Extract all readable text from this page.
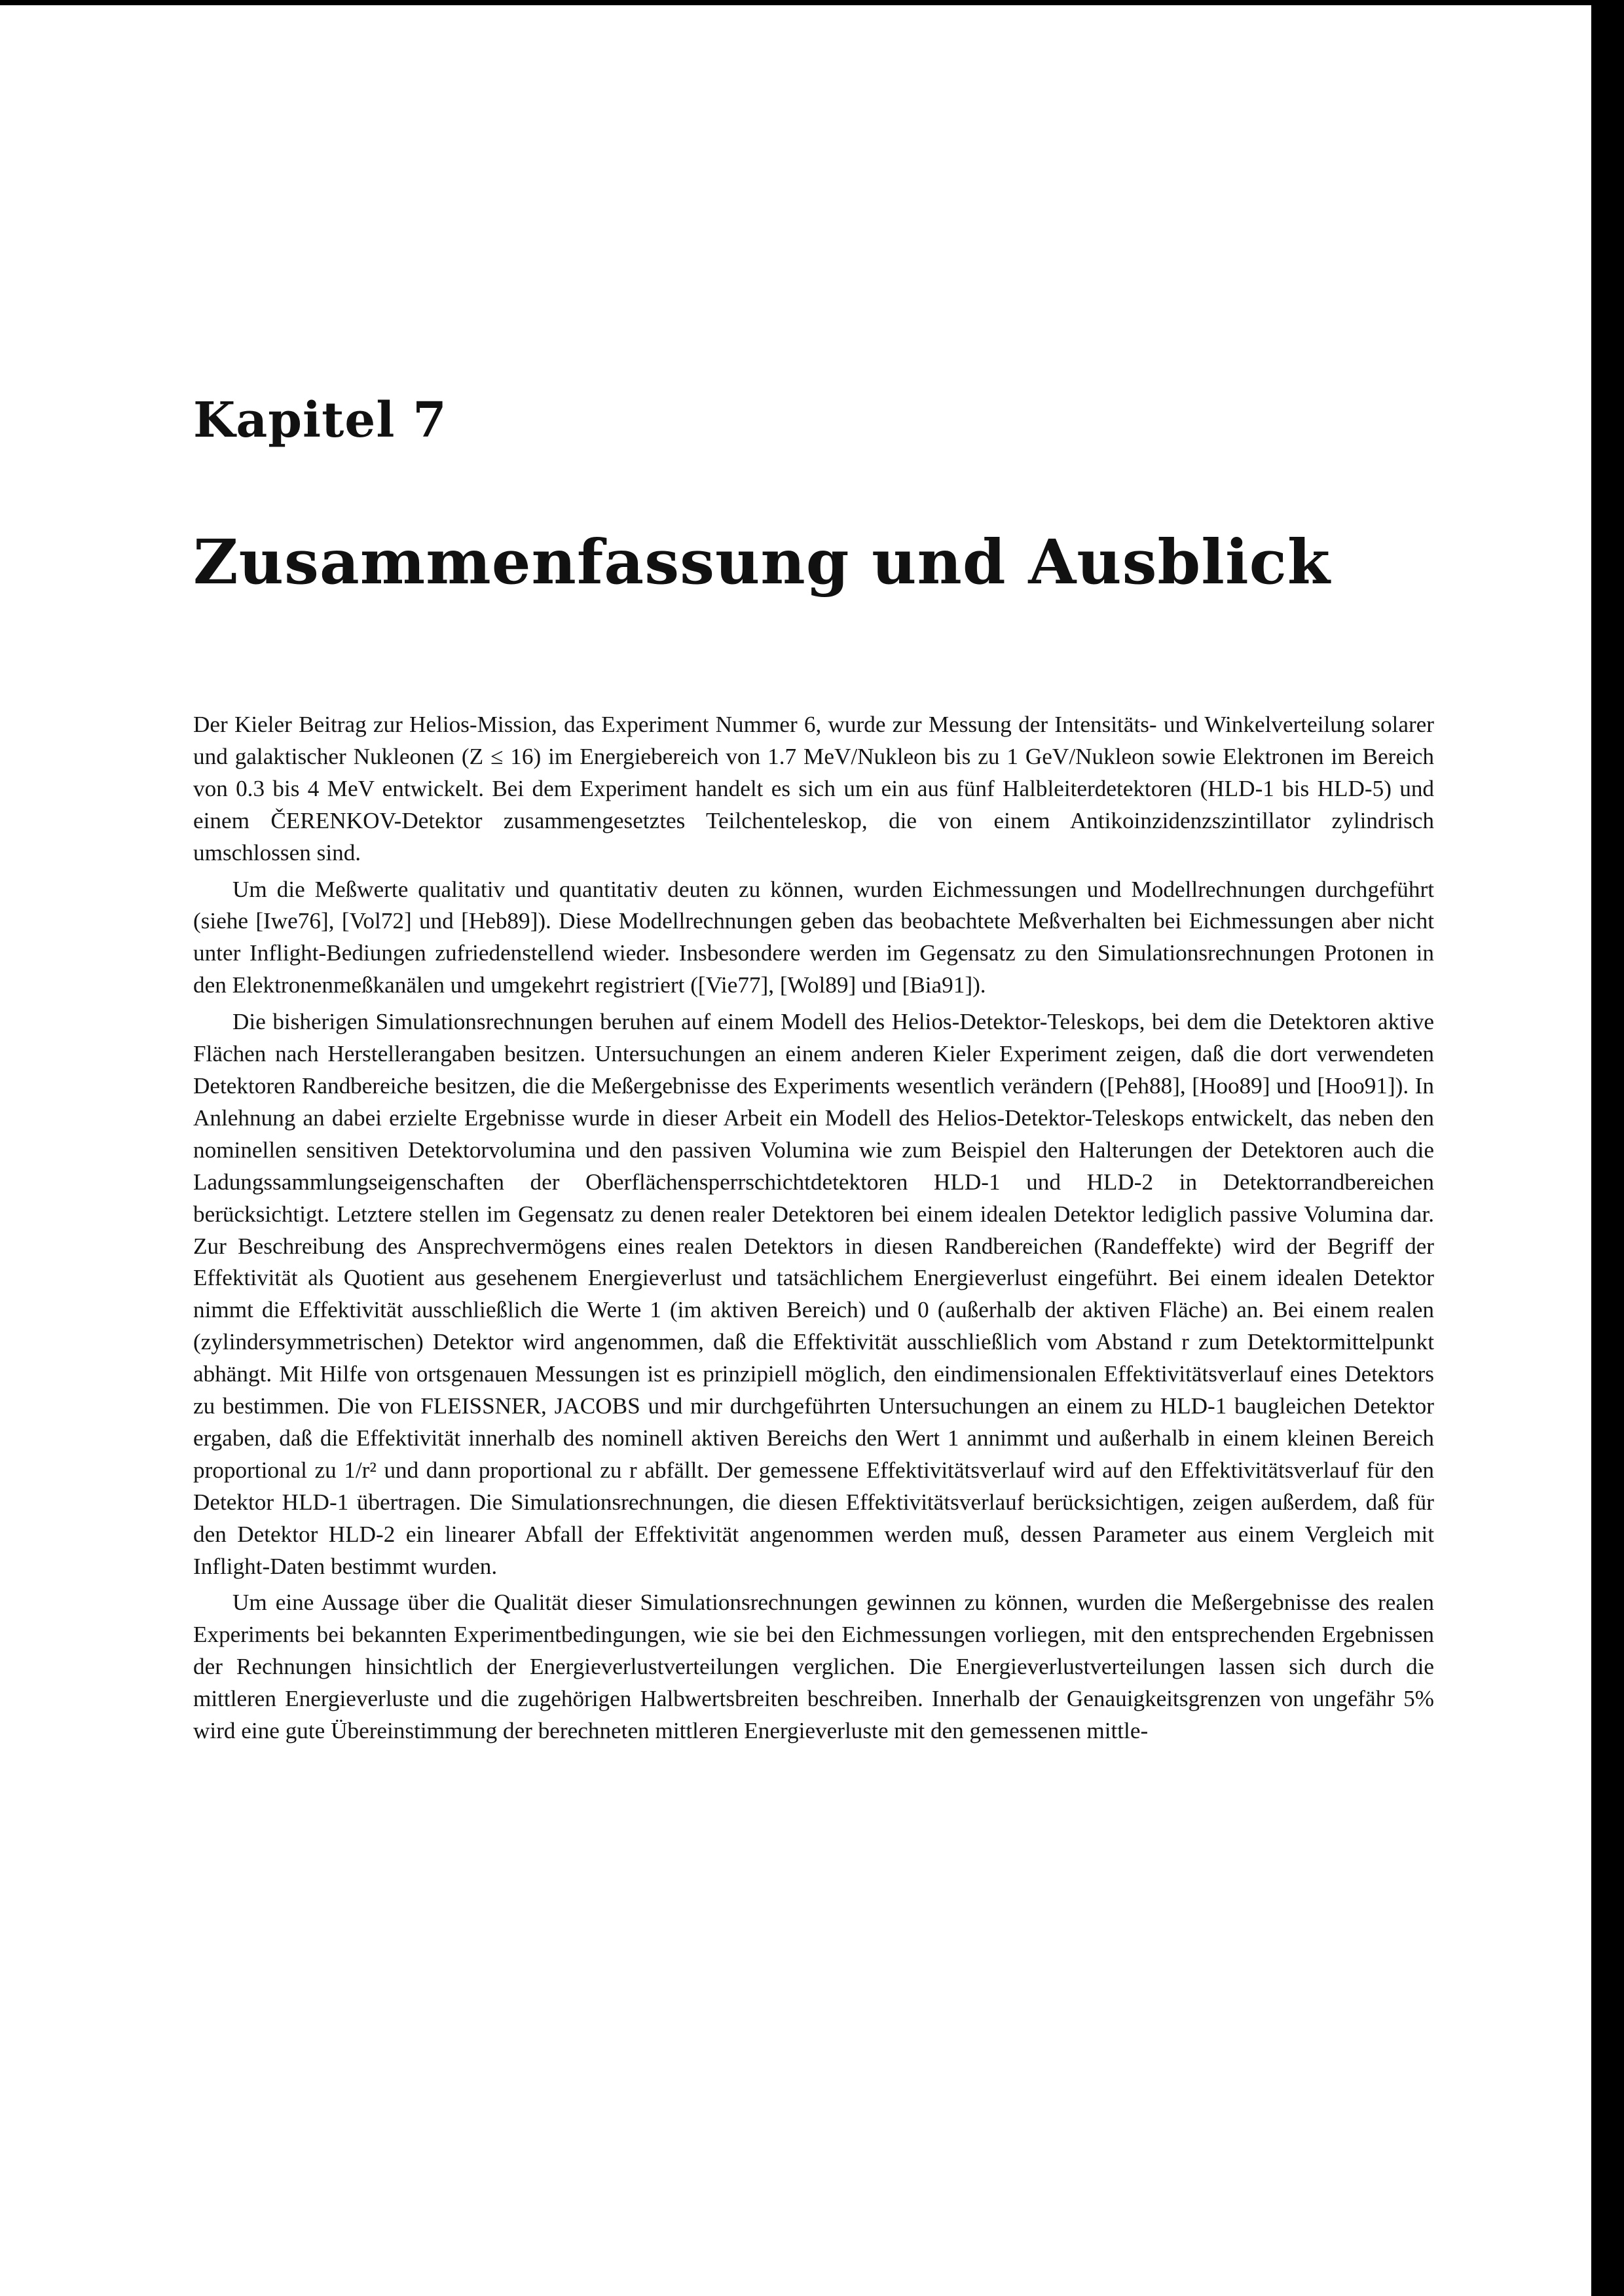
Kapitel 7
Zusammenfassung und Ausblick

Der Kieler Beitrag zur Helios-Mission, das Experiment Nummer 6, wurde zur Messung der Intensitäts- und Winkelverteilung solarer und galaktischer Nukleonen (Z ≤ 16) im Energiebereich von 1.7 MeV/Nukleon bis zu 1 GeV/Nukleon sowie Elektronen im Bereich von 0.3 bis 4 MeV entwickelt. Bei dem Experiment handelt es sich um ein aus fünf Halbleiterdetektoren (HLD-1 bis HLD-5) und einem ČERENKOV-Detektor zusammengesetztes Teilchenteleskop, die von einem Antikoinzidenzszintillator zylindrisch umschlossen sind.

Um die Meßwerte qualitativ und quantitativ deuten zu können, wurden Eichmessungen und Modellrechnungen durchgeführt (siehe [Iwe76], [Vol72] und [Heb89]). Diese Modellrechnungen geben das beobachtete Meßverhalten bei Eichmessungen aber nicht unter Inflight-Bediungen zufriedenstellend wieder. Insbesondere werden im Gegensatz zu den Simulationsrechnungen Protonen in den Elektronenmeßkanälen und umgekehrt registriert ([Vie77], [Wol89] und [Bia91]).

Die bisherigen Simulationsrechnungen beruhen auf einem Modell des Helios-Detektor-Teleskops, bei dem die Detektoren aktive Flächen nach Herstellerangaben besitzen. Untersuchungen an einem anderen Kieler Experiment zeigen, daß die dort verwendeten Detektoren Randbereiche besitzen, die die Meßergebnisse des Experiments wesentlich verändern ([Peh88], [Hoo89] und [Hoo91]). In Anlehnung an dabei erzielte Ergebnisse wurde in dieser Arbeit ein Modell des Helios-Detektor-Teleskops entwickelt, das neben den nominellen sensitiven Detektorvolumina und den passiven Volumina wie zum Beispiel den Halterungen der Detektoren auch die Ladungssammlungseigenschaften der Oberflächensperrschichtdetektoren HLD-1 und HLD-2 in Detektorrandbereichen berücksichtigt. Letztere stellen im Gegensatz zu denen realer Detektoren bei einem idealen Detektor lediglich passive Volumina dar. Zur Beschreibung des Ansprechvermögens eines realen Detektors in diesen Randbereichen (Randeffekte) wird der Begriff der Effektivität als Quotient aus gesehenem Energieverlust und tatsächlichem Energieverlust eingeführt. Bei einem idealen Detektor nimmt die Effektivität ausschließlich die Werte 1 (im aktiven Bereich) und 0 (außerhalb der aktiven Fläche) an. Bei einem realen (zylindersymmetrischen) Detektor wird angenommen, daß die Effektivität ausschließlich vom Abstand r zum Detektormittelpunkt abhängt. Mit Hilfe von ortsgenauen Messungen ist es prinzipiell möglich, den eindimensionalen Effektivitätsverlauf eines Detektors zu bestimmen. Die von FLEISSNER, JACOBS und mir durchgeführten Untersuchungen an einem zu HLD-1 baugleichen Detektor ergaben, daß die Effektivität innerhalb des nominell aktiven Bereichs den Wert 1 annimmt und außerhalb in einem kleinen Bereich proportional zu 1/r² und dann proportional zu r abfällt. Der gemessene Effektivitätsverlauf wird auf den Effektivitätsverlauf für den Detektor HLD-1 übertragen. Die Simulationsrechnungen, die diesen Effektivitätsverlauf berücksichtigen, zeigen außerdem, daß für den Detektor HLD-2 ein linearer Abfall der Effektivität angenommen werden muß, dessen Parameter aus einem Vergleich mit Inflight-Daten bestimmt wurden.

Um eine Aussage über die Qualität dieser Simulationsrechnungen gewinnen zu können, wurden die Meßergebnisse des realen Experiments bei bekannten Experimentbedingungen, wie sie bei den Eichmessungen vorliegen, mit den entsprechenden Ergebnissen der Rechnungen hinsichtlich der Energieverlustverteilungen verglichen. Die Energieverlustverteilungen lassen sich durch die mittleren Energieverluste und die zugehörigen Halbwertsbreiten beschreiben. Innerhalb der Genauigkeitsgrenzen von ungefähr 5% wird eine gute Übereinstimmung der berechneten mittleren Energieverluste mit den gemessenen mittle-
